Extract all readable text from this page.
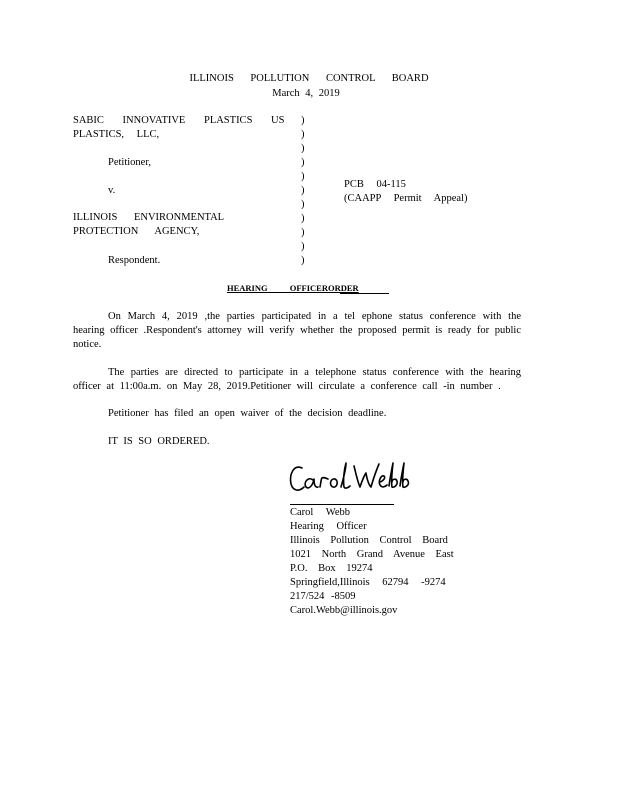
ILLINOIS POLLUTION CONTROL BOARD
March 4, 2019
SABIC INNOVATIVE PLASTICS US
PLASTICS, LLC,
Petitioner,
v.
ILLINOIS ENVIRONMENTAL
PROTECTION AGENCY,
Respondent.
)
)
)
)
)
)
)
)
)
)
)
PCB 04-115
(CAAPP Permit Appeal)
HEARING OFFICERORDER
On March 4, 2019 ,the parties participated in a tel ephone status conference with the hearing officer .Respondent's attorney will verify whether the proposed permit is ready for public notice.
The parties are directed to participate in a telephone status conference with the hearing officer at 11:00a.m. on May 28, 2019.Petitioner will circulate a conference call -in number .
Petitioner has filed an open waiver of the decision deadline.
IT IS SO ORDERED.
Carol Webb
Hearing Officer
Illinois Pollution Control Board
1021 North Grand Avenue East
P.O. Box 19274
Springfield,Illinois 62794 -9274
217/524 -8509
Carol.Webb@illinois.gov
